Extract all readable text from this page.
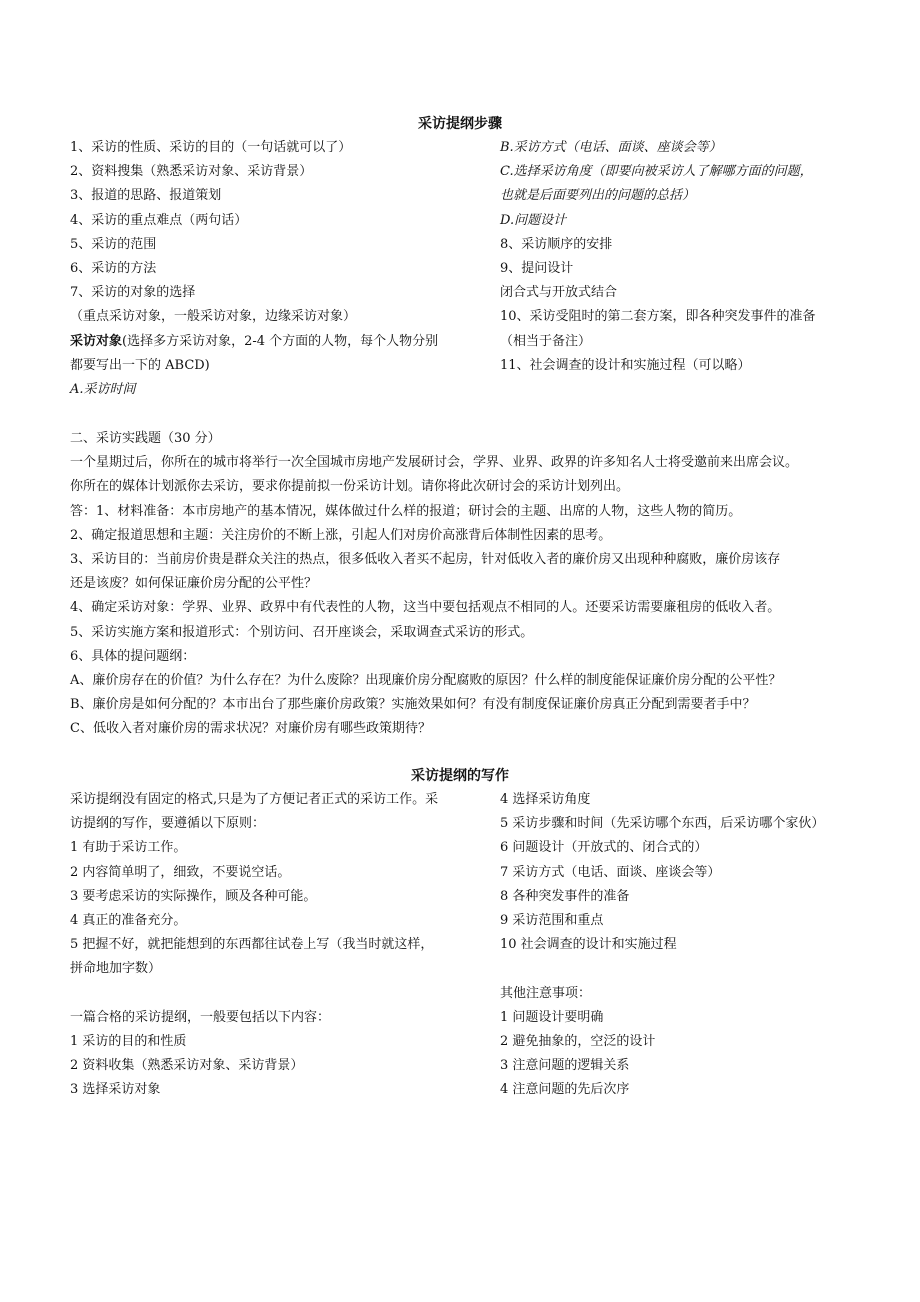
采访提纲步骤
1、采访的性质、采访的目的（一句话就可以了）
2、资料搜集（熟悉采访对象、采访背景）
3、报道的思路、报道策划
4、采访的重点难点（两句话）
5、采访的范围
6、采访的方法
7、采访的对象的选择
（重点采访对象，一般采访对象，边缘采访对象）
采访对象(选择多方采访对象，2-4 个方面的人物，每个人物分别
都要写出一下的 ABCD)
A.采访时间
B.采访方式（电话、面谈、座谈会等）
C.选择采访角度（即要向被采访人了解哪方面的问题，
也就是后面要列出的问题的总括）
D.问题设计
8、采访顺序的安排
9、提问设计
闭合式与开放式结合
10、采访受阻时的第二套方案，即各种突发事件的准备
（相当于备注）
11、社会调查的设计和实施过程（可以略）
二、采访实践题（30 分）
一个星期过后，你所在的城市将举行一次全国城市房地产发展研讨会，学界、业界、政界的许多知名人士将受邀前来出席会议。
你所在的媒体计划派你去采访，要求你提前拟一份采访计划。请你将此次研讨会的采访计划列出。
答：1、材料准备：本市房地产的基本情况，媒体做过什么样的报道；研讨会的主题、出席的人物，这些人物的简历。
2、确定报道思想和主题：关注房价的不断上涨，引起人们对房价高涨背后体制性因素的思考。
3、采访目的：当前房价贵是群众关注的热点，很多低收入者买不起房，针对低收入者的廉价房又出现种种腐败，廉价房该存
还是该废？如何保证廉价房分配的公平性？
4、确定采访对象：学界、业界、政界中有代表性的人物，这当中要包括观点不相同的人。还要采访需要廉租房的低收入者。
5、采访实施方案和报道形式：个别访问、召开座谈会，采取调查式采访的形式。
6、具体的提问题纲：
A、廉价房存在的价值？为什么存在？为什么废除？出现廉价房分配腐败的原因？什么样的制度能保证廉价房分配的公平性？
B、廉价房是如何分配的？本市出台了那些廉价房政策？实施效果如何？有没有制度保证廉价房真正分配到需要者手中？
C、低收入者对廉价房的需求状况？对廉价房有哪些政策期待？
采访提纲的写作
采访提纲没有固定的格式,只是为了方便记者正式的采访工作。采
访提纲的写作，要遵循以下原则：
1 有助于采访工作。
2 内容简单明了，细致，不要说空话。
3 要考虑采访的实际操作，顾及各种可能。
4 真正的准备充分。
5 把握不好，就把能想到的东西都往试卷上写（我当时就这样，
拼命地加字数）
一篇合格的采访提纲，一般要包括以下内容：
1 采访的目的和性质
2 资料收集（熟悉采访对象、采访背景）
3 选择采访对象
4 选择采访角度
5 采访步骤和时间（先采访哪个东西，后采访哪个家伙）
6 问题设计（开放式的、闭合式的）
7 采访方式（电话、面谈、座谈会等）
8 各种突发事件的准备
9 采访范围和重点
10 社会调查的设计和实施过程
其他注意事项：
1 问题设计要明确
2 避免抽象的，空泛的设计
3 注意问题的逻辑关系
4 注意问题的先后次序
